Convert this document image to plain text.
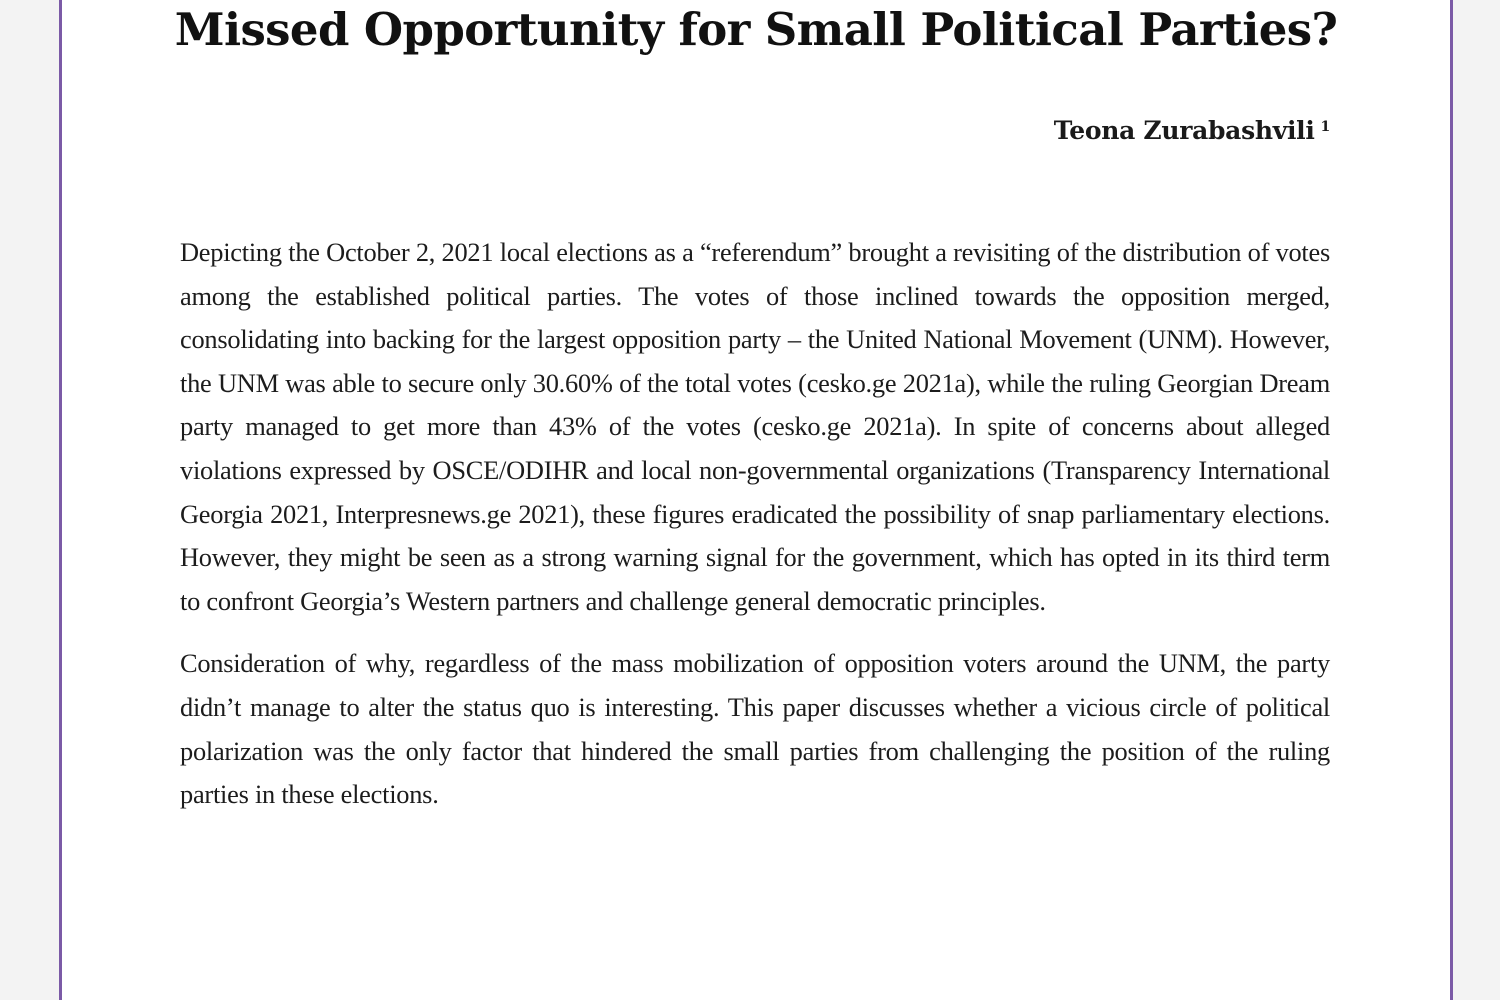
Missed Opportunity for Small Political Parties?
Teona Zurabashvili $^1$

Depicting the October 2, 2021 local elections as a “referendum” brought a revisiting of the distribution of votes among the established political parties. The votes of those inclined towards the opposition merged, consolidating into backing for the largest opposition party – the United National Movement (UNM). However, the UNM was able to secure only 30.60% of the total votes (cesko.ge 2021a), while the ruling Georgian Dream party managed to get more than 43% of the votes (cesko.ge 2021a). In spite of concerns about alleged violations expressed by OSCE/ODIHR and local non-governmental organizations (Transparency International Georgia 2021, Interpresnews.ge 2021), these figures eradicated the possibility of snap parliamentary elections. However, they might be seen as a strong warning signal for the government, which has opted in its third term to confront Georgia’s Western partners and challenge general democratic principles.

Consideration of why, regardless of the mass mobilization of opposition voters around the UNM, the party didn’t manage to alter the status quo is interesting. This paper discusses whether a vicious circle of political polarization was the only factor that hindered the small parties from challenging the position of the ruling parties in these elections.
